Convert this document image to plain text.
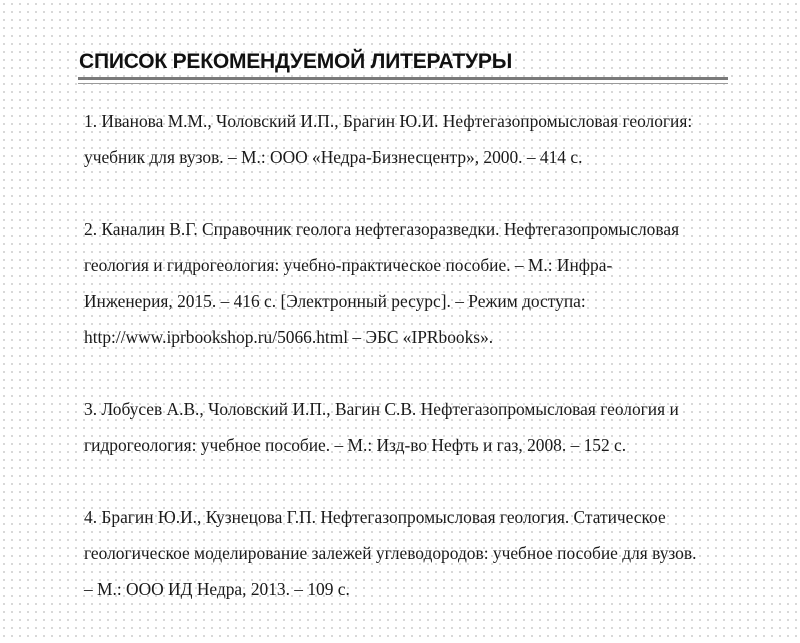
СПИСОК РЕКОМЕНДУЕМОЙ ЛИТЕРАТУРЫ
1. Иванова М.М., Чоловский И.П., Брагин Ю.И. Нефтегазопромысловая геология:
учебник для вузов. – М.: ООО «Недра-Бизнесцентр», 2000. – 414 с.
2. Каналин В.Г. Справочник геолога нефтегазоразведки. Нефтегазопромысловая
геология и гидрогеология: учебно-практическое пособие. – М.: Инфра-
Инженерия, 2015. – 416 с. [Электронный ресурс]. – Режим доступа:
http://www.iprbookshop.ru/5066.html – ЭБС «IPRbooks».
3. Лобусев А.В., Чоловский И.П., Вагин С.В. Нефтегазопромысловая геология и
гидрогеология: учебное пособие. – М.: Изд-во Нефть и газ, 2008. – 152 с.
4. Брагин Ю.И., Кузнецова Г.П. Нефтегазопромысловая геология. Статическое
геологическое моделирование залежей углеводородов: учебное пособие для вузов.
– М.: ООО ИД Недра, 2013. – 109 с.
